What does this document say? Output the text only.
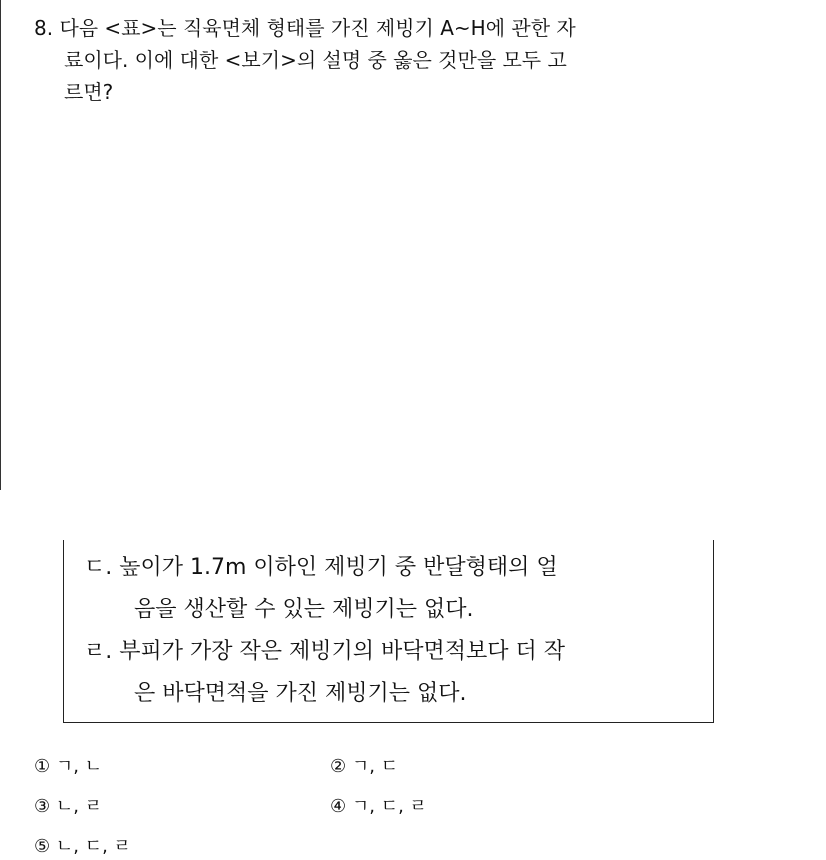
8. 다음 <표>는 직육면체 형태를 가진 제빙기 A~H에 관한 자
료이다. 이에 대한 <보기>의 설명 중 옳은 것만을 모두 고
르면?
ㄷ. 높이가 1.7m 이하인 제빙기 중 반달형태의 얼
음을 생산할 수 있는 제빙기는 없다.
ㄹ. 부피가 가장 작은 제빙기의 바닥면적보다 더 작
은 바닥면적을 가진 제빙기는 없다.
① ㄱ, ㄴ	② ㄱ, ㄷ
③ ㄴ, ㄹ	④ ㄱ, ㄷ, ㄹ
⑤ ㄴ, ㄷ, ㄹ
